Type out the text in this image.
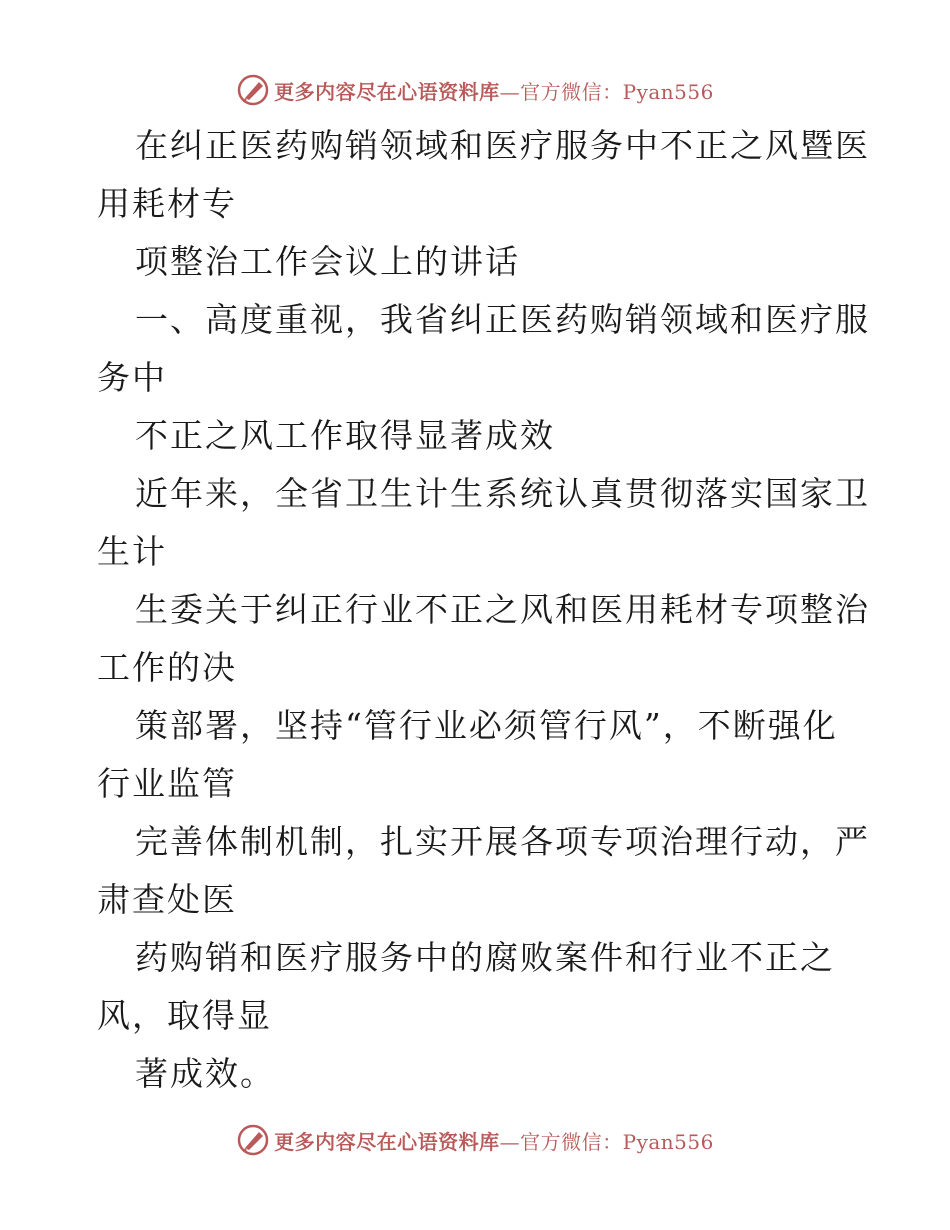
更多内容尽在心语资料库—官方微信：Pyan556

在纠正医药购销领域和医疗服务中不正之风暨医

用耗材专

项整治工作会议上的讲话

一、高度重视，我省纠正医药购销领域和医疗服

务中

不正之风工作取得显著成效

近年来，全省卫生计生系统认真贯彻落实国家卫

生计

生委关于纠正行业不正之风和医用耗材专项整治

工作的决

策部署，坚持“管行业必须管行风”，不断强化

行业监管

完善体制机制，扎实开展各项专项治理行动，严

肃查处医

药购销和医疗服务中的腐败案件和行业不正之

风，取得显

著成效。

更多内容尽在心语资料库—官方微信：Pyan556
